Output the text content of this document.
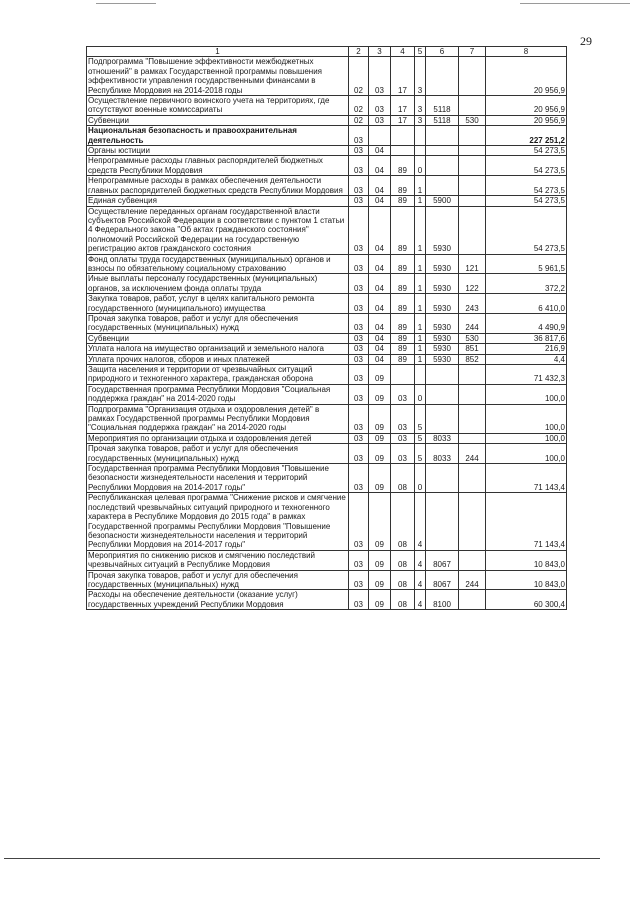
29
1	2	3	4	5	6	7	8
Подпрограмма "Повышение эффективности межбюджетных отношений" в рамках Государственной программы повышения эффективности управления государственными финансами в Республике Мордовия на 2014-2018 годы	02	03	17	3			20 956,9
Осуществление первичного воинского учета на территориях, где отсутствуют военные комиссариаты	02	03	17	3	5118		20 956,9
Субвенции	02	03	17	3	5118	530	20 956,9
Национальная безопасность и правоохранительная деятельность	03						227 251,2
Органы юстиции	03	04					54 273,5
Непрограммные расходы главных распорядителей бюджетных средств Республики Мордовия	03	04	89	0			54 273,5
Непрограммные расходы в рамках обеспечения деятельности главных распорядителей бюджетных средств Республики Мордовия	03	04	89	1			54 273,5
Единая субвенция	03	04	89	1	5900		54 273,5
Осуществление переданных органам государственной власти субъектов Российской Федерации в соответствии с пунктом 1 статьи 4 Федерального закона "Об актах гражданского состояния" полномочий Российской Федерации на государственную регистрацию актов гражданского состояния	03	04	89	1	5930		54 273,5
Фонд оплаты труда государственных (муниципальных) органов и взносы по обязательному социальному страхованию	03	04	89	1	5930	121	5 961,5
Иные выплаты персоналу государственных (муниципальных) органов, за исключением фонда оплаты труда	03	04	89	1	5930	122	372,2
Закупка товаров, работ, услуг в целях капитального ремонта государственного (муниципального) имущества	03	04	89	1	5930	243	6 410,0
Прочая закупка товаров, работ и услуг для обеспечения государственных (муниципальных) нужд	03	04	89	1	5930	244	4 490,9
Субвенции	03	04	89	1	5930	530	36 817,6
Уплата налога на имущество организаций и земельного налога	03	04	89	1	5930	851	216,9
Уплата прочих налогов, сборов и иных платежей	03	04	89	1	5930	852	4,4
Защита населения и территории от чрезвычайных ситуаций природного и техногенного характера, гражданская оборона	03	09					71 432,3
Государственная программа Республики Мордовия "Социальная поддержка граждан" на 2014-2020 годы	03	09	03	0			100,0
Подпрограмма "Организация отдыха и оздоровления детей" в рамках Государственной программы Республики Мордовия "Социальная поддержка граждан" на 2014-2020 годы	03	09	03	5			100,0
Мероприятия по организации отдыха и оздоровления детей	03	09	03	5	8033		100,0
Прочая закупка товаров, работ и услуг для обеспечения государственных (муниципальных) нужд	03	09	03	5	8033	244	100,0
Государственная программа Республики Мордовия "Повышение безопасности жизнедеятельности населения и территорий Республики Мордовия на 2014-2017 годы"	03	09	08	0			71 143,4
Республиканская целевая программа "Снижение рисков и смягчение последствий чрезвычайных ситуаций природного и техногенного характера в Республике Мордовия до 2015 года" в рамках Государственной программы Республики Мордовия "Повышение безопасности жизнедеятельности населения и территорий Республики Мордовия на 2014-2017 годы"	03	09	08	4			71 143,4
Мероприятия по снижению рисков и смягчению последствий чрезвычайных ситуаций в Республике Мордовия	03	09	08	4	8067		10 843,0
Прочая закупка товаров, работ и услуг для обеспечения государственных (муниципальных) нужд	03	09	08	4	8067	244	10 843,0
Расходы на обеспечение деятельности (оказание услуг) государственных учреждений Республики Мордовия	03	09	08	4	8100		60 300,4
